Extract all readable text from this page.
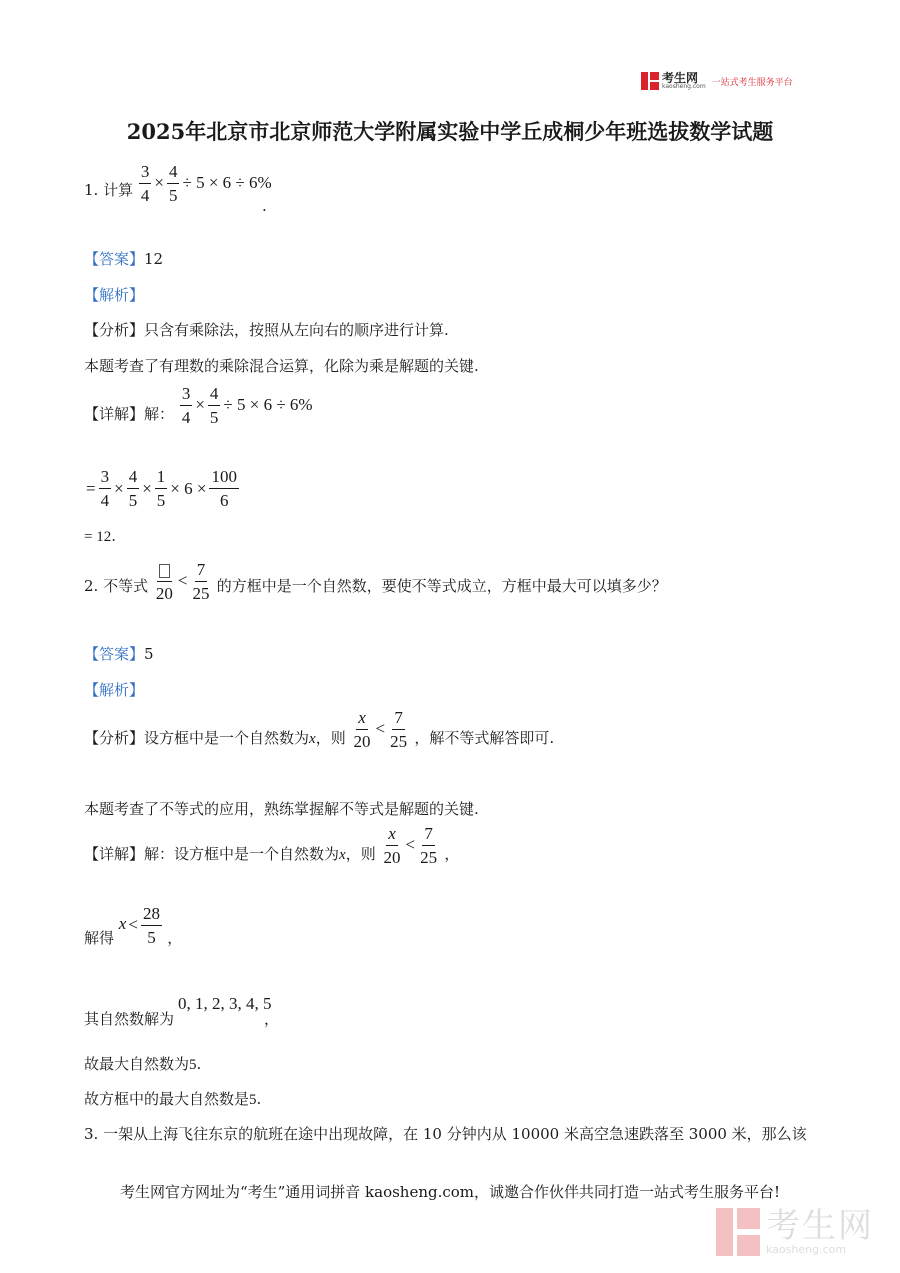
考生网
kaosheng.com 一站式考生服务平台
2025年北京市北京师范大学附属实验中学丘成桐少年班选拔数学试题
1. 计算 $\frac{3}{4} \times \frac{4}{5} \div 5 \times 6 \div 6\%$
.
【答案】12
【解析】
【分析】只含有乘除法，按照从左向右的顺序进行计算.
本题考查了有理数的乘除混合运算，化除为乘是解题的关键.
【详解】解： $\frac{3}{4} \times \frac{4}{5} \div 5 \times 6 \div 6\%$
= $\frac{3}{4} \times \frac{4}{5} \times \frac{1}{5} \times 6 \times \frac{100}{6}$
= 12.
2. 不等式 20
< $\frac{7}{25}$ 的方框中是一个自然数，要使不等式成立，方框中最大可以填多少？
【答案】5
【解析】
【分析】设方框中是一个自然数为x，则 $\frac{x}{20} < \frac{7}{25}$ ，解不等式解答即可.
本题考查了不等式的应用，熟练掌握解不等式是解题的关键.
【详解】解：设方框中是一个自然数为x，则 $\frac{x}{20} < \frac{7}{25}$ ，
解得 $x < \frac{28}{5}$ ，
其自然数解为
0, 1, 2, 3, 4, 5
，
故最大自然数为5.
故方框中的最大自然数是5.
3. 一架从上海飞往东京的航班在途中出现故障，在 10 分钟内从 10000 米高空急速跌落至 3000 米，那么该
考生网官方网址为“考生”通用词拼音 kaosheng.com，诚邀合作伙伴共同打造一站式考生服务平台!
考生网
kaosheng.com
